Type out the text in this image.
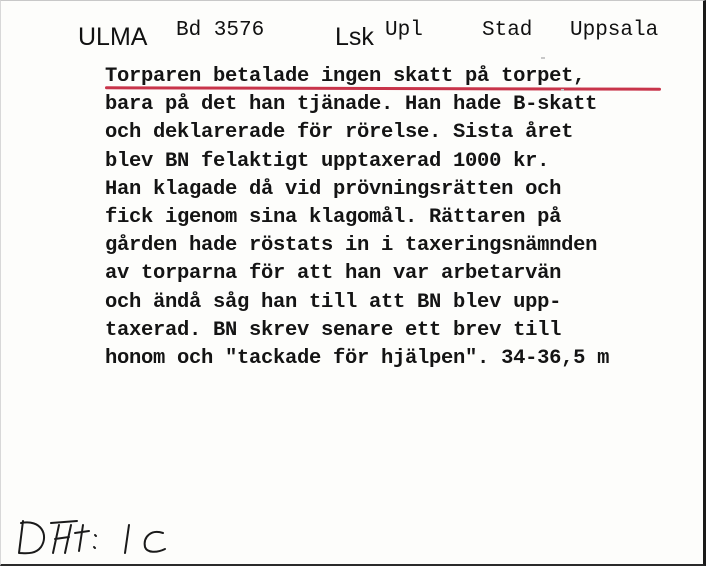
ULMA Bd 3576	Lsk Upl	Stad Uppsala
Torparen betalade ingen skatt på torpet,
bara på det han tjänade. Han hade B-skatt
och deklarerade för rörelse. Sista året
blev BN felaktigt upptaxerad 1000 kr.
Han klagade då vid prövningsrätten och
fick igenom sina klagomål. Rättaren på
gården hade röstats in i taxeringsnämnden
av torparna för att han var arbetarvän
och ändå såg han till att BN blev upp-
taxerad. BN skrev senare ett brev till
honom och "tackade för hjälpen". 34-36,5 m
